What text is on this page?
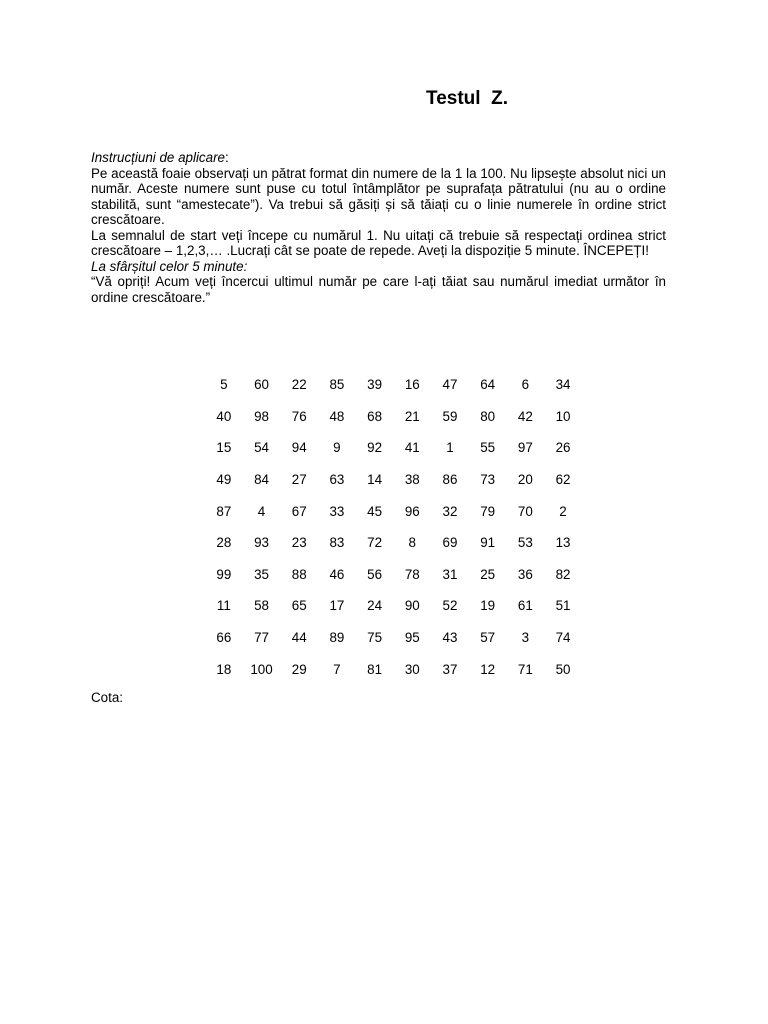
Testul  Z.

Instrucțiuni de aplicare:

Pe această foaie observați un pătrat format din numere de la 1 la 100. Nu lipsește absolut nici un număr. Aceste numere sunt puse cu totul întâmplător pe suprafața pătratului (nu au o ordine stabilită, sunt “amestecate”). Va trebui să găsiți și să tăiați cu o linie numerele în ordine strict crescătoare.

La semnalul de start veți începe cu numărul 1. Nu uitați că trebuie să respectați ordinea strict crescătoare – 1,2,3,… .Lucrați cât se poate de repede. Aveți la dispoziție 5 minute. ÎNCEPEȚI!

La sfârșitul celor 5 minute:

“Vă opriți! Acum veți încercui ultimul număr pe care l-ați tăiat sau numărul imediat următor în ordine crescătoare.”

5	60	22	85	39	16	47	64	6	34
40	98	76	48	68	21	59	80	42	10
15	54	94	9	92	41	1	55	97	26
49	84	27	63	14	38	86	73	20	62
87	4	67	33	45	96	32	79	70	2
28	93	23	83	72	8	69	91	53	13
99	35	88	46	56	78	31	25	36	82
11	58	65	17	24	90	52	19	61	51
66	77	44	89	75	95	43	57	3	74
18	100	29	7	81	30	37	12	71	50
Cota:
